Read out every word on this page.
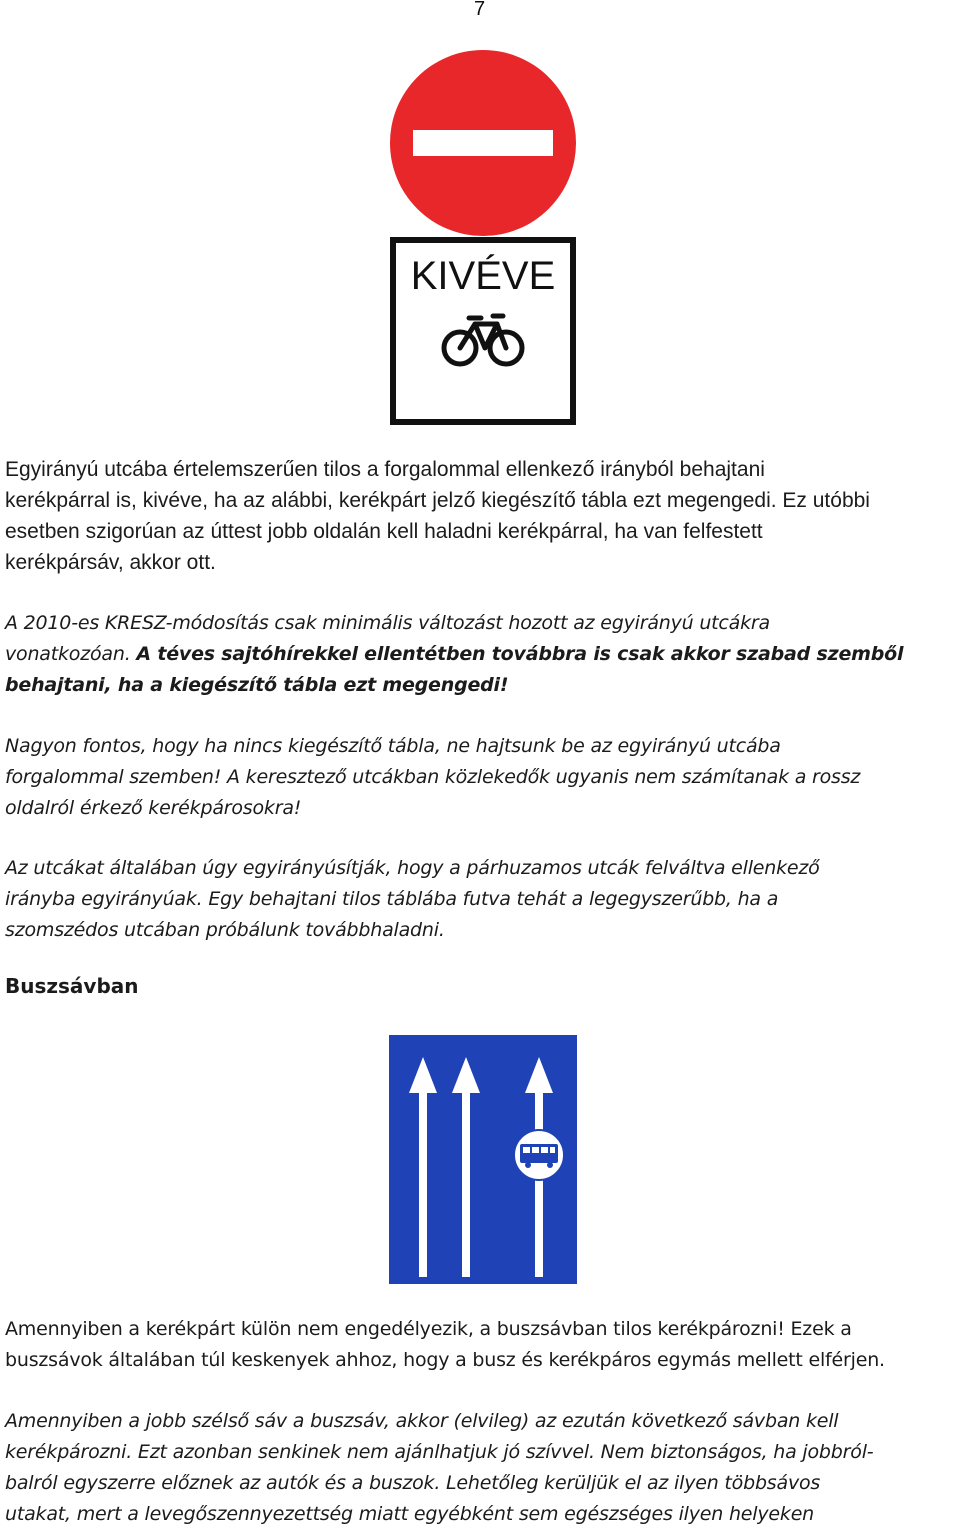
7
KIVÉVE

Egyirányú utcába értelemszerűen tilos a forgalommal ellenkező irányból behajtani
kerékpárral is, kivéve, ha az alábbi, kerékpárt jelző kiegészítő tábla ezt megengedi. Ez utóbbi
esetben szigorúan az úttest jobb oldalán kell haladni kerékpárral, ha van felfestett
kerékpársáv, akkor ott.

A 2010-es KRESZ-módosítás csak minimális változást hozott az egyirányú utcákra
vonatkozóan. A téves sajtóhírekkel ellentétben továbbra is csak akkor szabad szemből
behajtani, ha a kiegészítő tábla ezt megengedi!

Nagyon fontos, hogy ha nincs kiegészítő tábla, ne hajtsunk be az egyirányú utcába
forgalommal szemben! A keresztező utcákban közlekedők ugyanis nem számítanak a rossz
oldalról érkező kerékpárosokra!

Az utcákat általában úgy egyirányúsítják, hogy a párhuzamos utcák felváltva ellenkező
irányba egyirányúak. Egy behajtani tilos táblába futva tehát a legegyszerűbb, ha a
szomszédos utcában próbálunk továbbhaladni.

Buszsávban

Amennyiben a kerékpárt külön nem engedélyezik, a buszsávban tilos kerékpározni! Ezek a
buszsávok általában túl keskenyek ahhoz, hogy a busz és kerékpáros egymás mellett elférjen.

Amennyiben a jobb szélső sáv a buszsáv, akkor (elvileg) az ezután következő sávban kell
kerékpározni. Ezt azonban senkinek nem ajánlhatjuk jó szívvel. Nem biztonságos, ha jobbról-
balról egyszerre előznek az autók és a buszok. Lehetőleg kerüljük el az ilyen többsávos
utakat, mert a levegőszennyezettség miatt egyébként sem egészséges ilyen helyeken
